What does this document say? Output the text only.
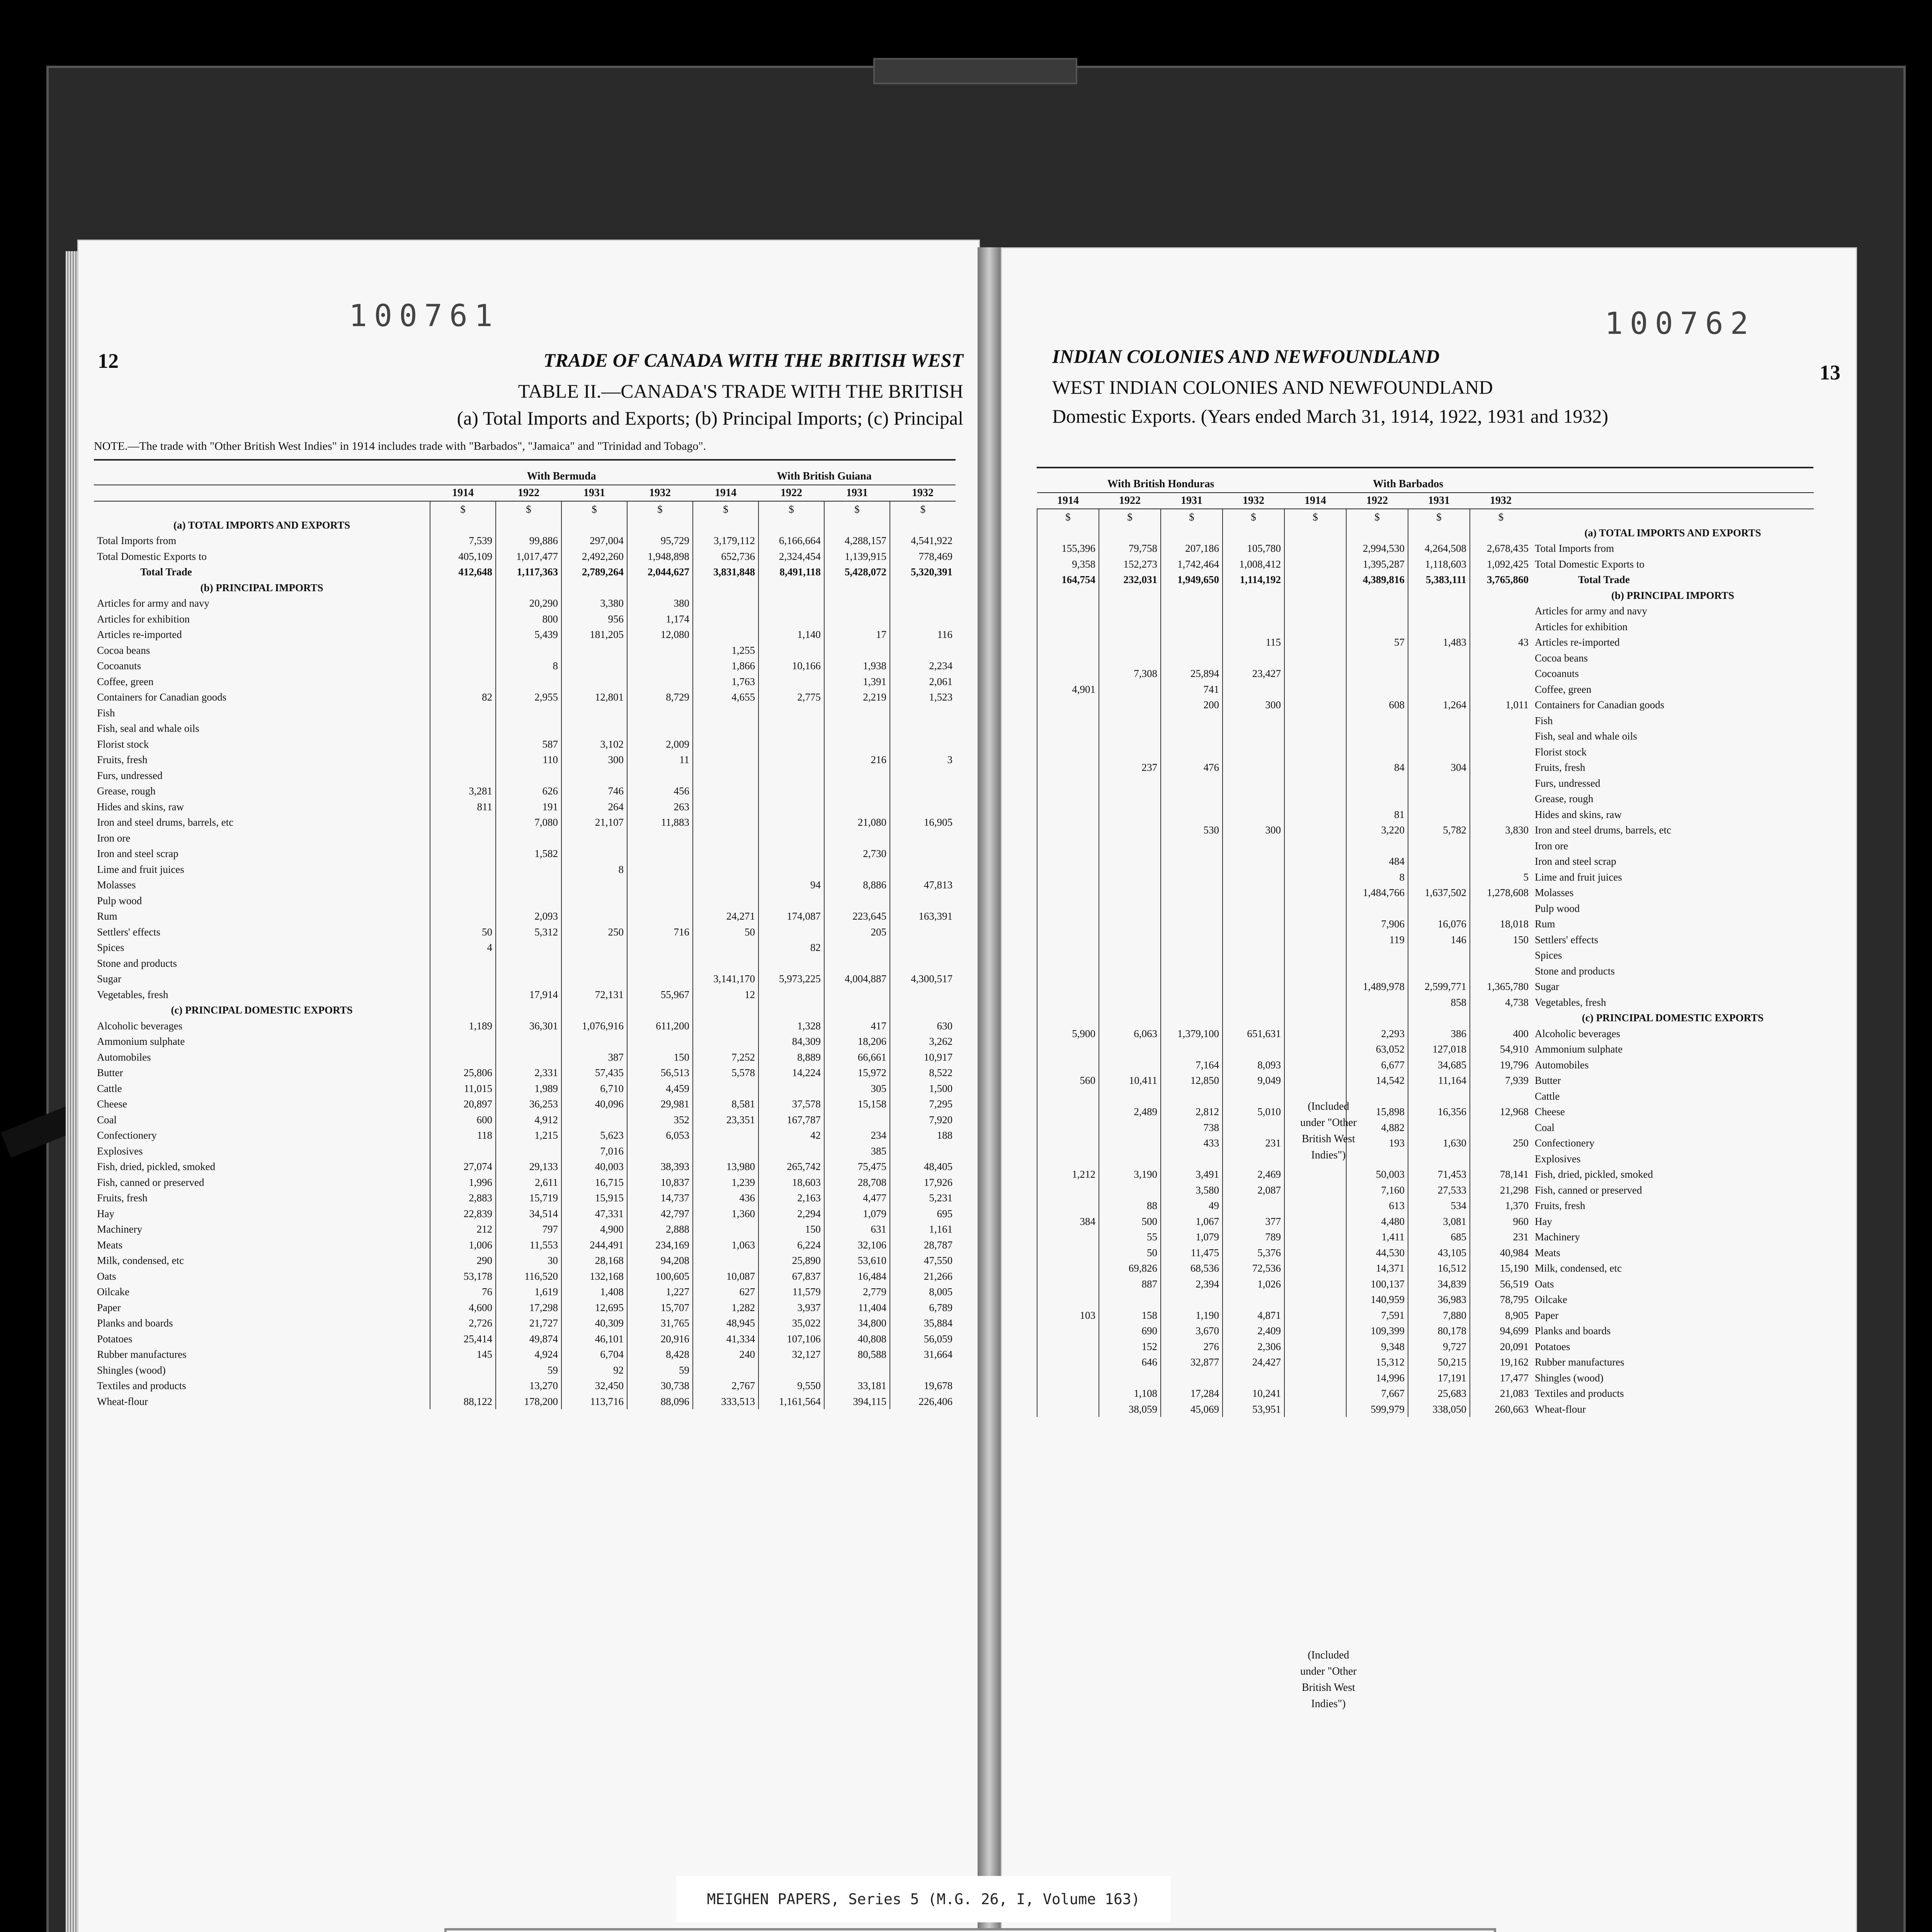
100761
12	TRADE OF CANADA WITH THE BRITISH WEST
TABLE II.—CANADA'S TRADE WITH THE BRITISH
(a) Total Imports and Exports; (b) Principal Imports; (c) Principal
NOTE.—The trade with "Other British West Indies" in 1914 includes trade with "Barbados", "Jamaica" and "Trinidad and Tobago".
	With Bermuda				With British Guiana			
	1914	1922	1931	1932	1914	1922	1931	1932
	$	$	$	$	$	$	$	$
(a) TOTAL IMPORTS AND EXPORTS								
Total Imports from	7,539	99,886	297,004	95,729	3,179,112	6,166,664	4,288,157	4,541,922
Total Domestic Exports to	405,109	1,017,477	2,492,260	1,948,898	652,736	2,324,454	1,139,915	778,469
Total Trade	412,648	1,117,363	2,789,264	2,044,627	3,831,848	8,491,118	5,428,072	5,320,391
(b) PRINCIPAL IMPORTS								
Articles for army and navy		20,290	3,380	380				
Articles for exhibition		800	956	1,174				
Articles re-imported		5,439	181,205	12,080		1,140	17	116
Cocoa beans					1,255			
Cocoanuts		8			1,866	10,166	1,938	2,234
Coffee, green					1,763		1,391	2,061
Containers for Canadian goods	82	2,955	12,801	8,729	4,655	2,775	2,219	1,523
Fish								
Fish, seal and whale oils								
Florist stock		587	3,102	2,009				
Fruits, fresh		110	300	11			216	3
Furs, undressed								
Grease, rough	3,281	626	746	456				
Hides and skins, raw	811	191	264	263				
Iron and steel drums, barrels, etc		7,080	21,107	11,883			21,080	16,905
Iron ore								
Iron and steel scrap		1,582					2,730	
Lime and fruit juices			8					
Molasses						94	8,886	47,813
Pulp wood								
Rum		2,093			24,271	174,087	223,645	163,391
Settlers' effects	50	5,312	250	716	50		205	
Spices	4					82		
Stone and products								
Sugar					3,141,170	5,973,225	4,004,887	4,300,517
Vegetables, fresh		17,914	72,131	55,967	12			
(c) PRINCIPAL DOMESTIC EXPORTS								
Alcoholic beverages	1,189	36,301	1,076,916	611,200		1,328	417	630
Ammonium sulphate						84,309	18,206	3,262
Automobiles			387	150	7,252	8,889	66,661	10,917
Butter	25,806	2,331	57,435	56,513	5,578	14,224	15,972	8,522
Cattle	11,015	1,989	6,710	4,459			305	1,500
Cheese	20,897	36,253	40,096	29,981	8,581	37,578	15,158	7,295
Coal	600	4,912		352	23,351	167,787		7,920
Confectionery	118	1,215	5,623	6,053		42	234	188
Explosives			7,016				385	
Fish, dried, pickled, smoked	27,074	29,133	40,003	38,393	13,980	265,742	75,475	48,405
Fish, canned or preserved	1,996	2,611	16,715	10,837	1,239	18,603	28,708	17,926
Fruits, fresh	2,883	15,719	15,915	14,737	436	2,163	4,477	5,231
Hay	22,839	34,514	47,331	42,797	1,360	2,294	1,079	695
Machinery	212	797	4,900	2,888		150	631	1,161
Meats	1,006	11,553	244,491	234,169	1,063	6,224	32,106	28,787
Milk, condensed, etc	290	30	28,168	94,208		25,890	53,610	47,550
Oats	53,178	116,520	132,168	100,605	10,087	67,837	16,484	21,266
Oilcake	76	1,619	1,408	1,227	627	11,579	2,779	8,005
Paper	4,600	17,298	12,695	15,707	1,282	3,937	11,404	6,789
Planks and boards	2,726	21,727	40,309	31,765	48,945	35,022	34,800	35,884
Potatoes	25,414	49,874	46,101	20,916	41,334	107,106	40,808	56,059
Rubber manufactures	145	4,924	6,704	8,428	240	32,127	80,588	31,664
Shingles (wood)		59	92	59				
Textiles and products		13,270	32,450	30,738	2,767	9,550	33,181	19,678
Wheat-flour	88,122	178,200	113,716	88,096	333,513	1,161,564	394,115	226,406
100762
13
INDIAN COLONIES AND NEWFOUNDLAND
WEST INDIAN COLONIES AND NEWFOUNDLAND
Domestic Exports. (Years ended March 31, 1914, 1922, 1931 and 1932)
With British Honduras				With Barbados				
1914	1922	1931	1932	1914	1922	1931	1932	
$	$	$	$	$	$	$	$	
								(a) TOTAL IMPORTS AND EXPORTS
155,396	79,758	207,186	105,780		2,994,530	4,264,508	2,678,435	Total Imports from
9,358	152,273	1,742,464	1,008,412		1,395,287	1,118,603	1,092,425	Total Domestic Exports to
164,754	232,031	1,949,650	1,114,192		4,389,816	5,383,111	3,765,860	Total Trade
								(b) PRINCIPAL IMPORTS
								Articles for army and navy
								Articles for exhibition
			115		57	1,483	43	Articles re-imported
								Cocoa beans
	7,308	25,894	23,427					Cocoanuts
4,901		741						Coffee, green
		200	300		608	1,264	1,011	Containers for Canadian goods
								Fish
								Fish, seal and whale oils
								Florist stock
	237	476			84	304		Fruits, fresh
								Furs, undressed
								Grease, rough
					81			Hides and skins, raw
		530	300		3,220	5,782	3,830	Iron and steel drums, barrels, etc
								Iron ore
					484			Iron and steel scrap
					8		5	Lime and fruit juices
					1,484,766	1,637,502	1,278,608	Molasses
								Pulp wood
					7,906	16,076	18,018	Rum
					119	146	150	Settlers' effects
								Spices
								Stone and products
					1,489,978	2,599,771	1,365,780	Sugar
						858	4,738	Vegetables, fresh
								(c) PRINCIPAL DOMESTIC EXPORTS
5,900	6,063	1,379,100	651,631		2,293	386	400	Alcoholic beverages
					63,052	127,018	54,910	Ammonium sulphate
		7,164	8,093		6,677	34,685	19,796	Automobiles
560	10,411	12,850	9,049		14,542	11,164	7,939	Butter
								Cattle
	2,489	2,812	5,010		15,898	16,356	12,968	Cheese
		738			4,882			Coal
		433	231		193	1,630	250	Confectionery
								Explosives
1,212	3,190	3,491	2,469		50,003	71,453	78,141	Fish, dried, pickled, smoked
		3,580	2,087		7,160	27,533	21,298	Fish, canned or preserved
	88	49			613	534	1,370	Fruits, fresh
384	500	1,067	377		4,480	3,081	960	Hay
	55	1,079	789		1,411	685	231	Machinery
	50	11,475	5,376		44,530	43,105	40,984	Meats
	69,826	68,536	72,536		14,371	16,512	15,190	Milk, condensed, etc
	887	2,394	1,026		100,137	34,839	56,519	Oats
					140,959	36,983	78,795	Oilcake
103	158	1,190	4,871		7,591	7,880	8,905	Paper
	690	3,670	2,409		109,399	80,178	94,699	Planks and boards
	152	276	2,306		9,348	9,727	20,091	Potatoes
	646	32,877	24,427		15,312	50,215	19,162	Rubber manufactures
					14,996	17,191	17,477	Shingles (wood)
	1,108	17,284	10,241		7,667	25,683	21,083	Textiles and products
	38,059	45,069	53,951		599,979	338,050	260,663	Wheat-flour
(Included under "Other British West Indies")
(Included under "Other British West Indies")
MEIGHEN PAPERS, Series 5 (M.G. 26, I, Volume 163)
